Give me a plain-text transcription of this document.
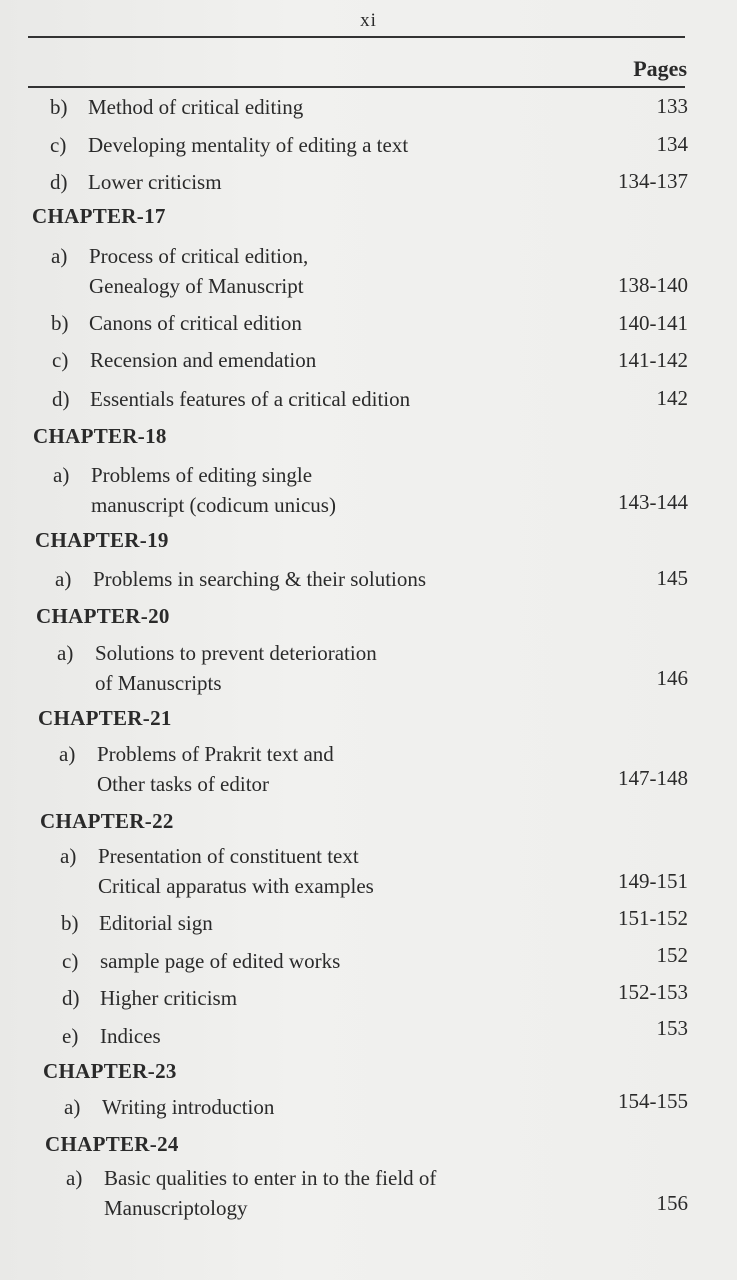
xi
Pages
b) Method of critical editing	133
c) Developing mentality of editing a text	134
d) Lower criticism	134-137
CHAPTER-17
a) Process of critical edition,
Genealogy of Manuscript	138-140
b) Canons of critical edition	140-141
c) Recension and emendation	141-142
d) Essentials features of a critical edition	142
CHAPTER-18
a) Problems of editing single
manuscript (codicum unicus)	143-144
CHAPTER-19
a) Problems in searching & their solutions	145
CHAPTER-20
a) Solutions to prevent deterioration
of Manuscripts	146
CHAPTER-21
a) Problems of Prakrit text and
Other tasks of editor	147-148
CHAPTER-22
a) Presentation of constituent text
Critical apparatus with examples	149-151
b) Editorial sign	151-152
c) sample page of edited works	152
d) Higher criticism	152-153
e) Indices	153
CHAPTER-23
a) Writing introduction	154-155
CHAPTER-24
a) Basic qualities to enter in to the field of
Manuscriptology	156
